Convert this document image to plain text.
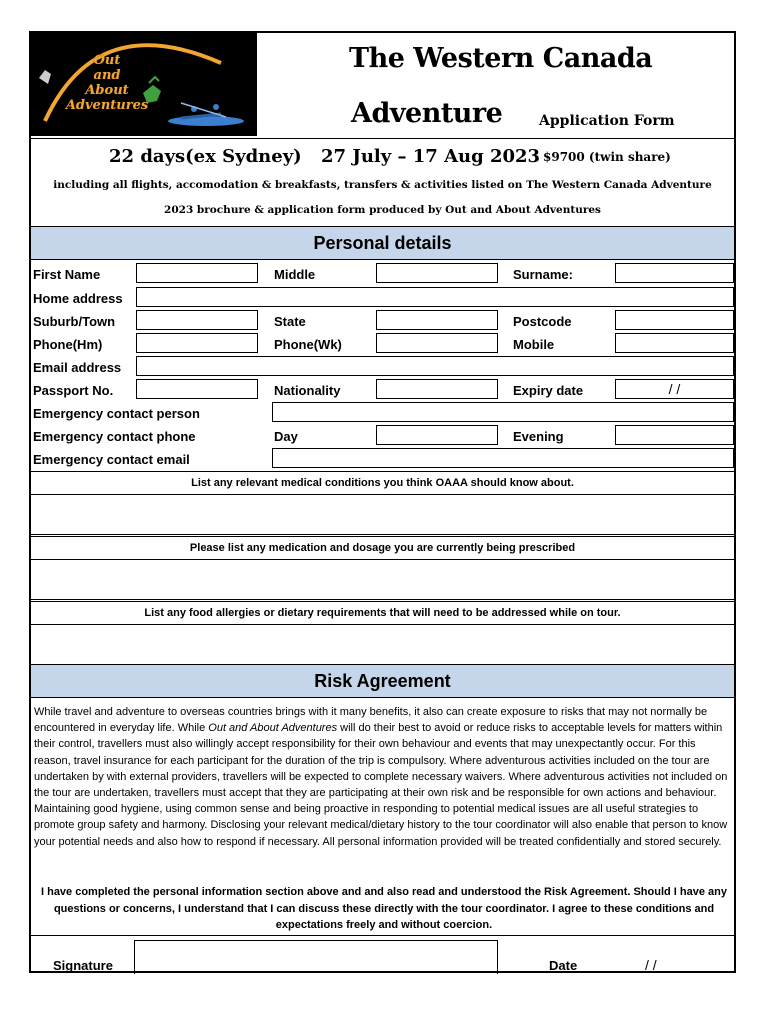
Out
and
About
Adventures
The Western Canada
Adventure	Application Form
22 days(ex Sydney) 27 July – 17 Aug 2023 $9700 (twin share)
including all flights, accomodation & breakfasts, transfers & activities listed on The Western Canada Adventure
2023 brochure & application form produced by Out and About Adventures
Personal details
First Name	Middle	Surname:
Home address
Suburb/Town	State	Postcode
Phone(Hm)	Phone(Wk)	Mobile
Email address
Passport No.	Nationality	Expiry date	/ /
Emergency contact person
Emergency contact phone	Day	Evening
Emergency contact email
List any relevant medical conditions you think OAAA should know about.
Please list any medication and dosage you are currently being prescribed
List any food allergies or dietary requirements that will need to be addressed while on tour.
Risk Agreement
While travel and adventure to overseas countries brings with it many benefits, it also can create exposure to risks that may not normally be encountered in everyday life. While Out and About Adventures will do their best to avoid or reduce risks to acceptable levels for matters within their control, travellers must also willingly accept responsibility for their own behaviour and events that may unexpectantly occur. For this reason, travel insurance for each participant for the duration of the trip is compulsory. Where adventurous activities included on the tour are undertaken by with external providers, travellers will be expected to complete necessary waivers. Where adventurous activities not included on the tour are undertaken, travellers must accept that they are participating at their own risk and be responsible for own actions and behaviour. Maintaining good hygiene, using common sense and being proactive in responding to potential medical issues are all useful strategies to promote group safety and harmony. Disclosing your relevant medical/dietary history to the tour coordinator will also enable that person to know your potential needs and also how to respond if necessary. All personal information provided will be treated confidentially and stored securely.
I have completed the personal information section above and and also read and understood the Risk Agreement. Should I have any questions or concerns, I understand that I can discuss these directly with the tour coordinator. I agree to these conditions and expectations freely and without coercion.
Signature	Date	/ /
